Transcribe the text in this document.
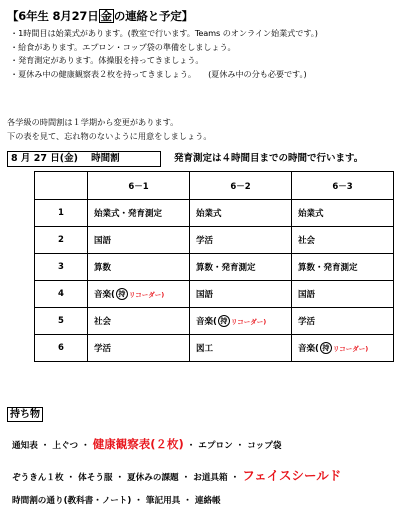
【6年生 8月27日 金 の連絡と予定】
・1時間目は始業式があります。(教室で行います。Teams のオンライン始業式です。)
・給食があります。エプロン・コップ袋の準備をしましょう。
・発育測定があります。体操服を持ってきましょう。
・夏休み中の健康観察表２枚を持ってきましょう。　　(夏休み中の分も必要です。)
各学級の時間割は１学期から変更があります。
下の表を見て、忘れ物のないように用意をしましょう。
8 月 27 日(金) 時間割	発育測定は４時間目までの時間で行います。
	6－1	6－2	6－3
1	始業式・発育測定	始業式	始業式
2	国語	学活	社会
3	算数	算数・発育測定	算数・発育測定
4	音楽( 持 リコーダー)	国語	国語
5	社会	音楽( 持 リコーダー)	学活
6	学活	図工	音楽( 持 リコーダー)
持ち物
通知表 ・ 上ぐつ ・ 健康観察表(２枚) ・ エプロン ・ コップ袋
ぞうきん１枚 ・ 体そう服 ・ 夏休みの課題 ・ お道具箱 ・ フェイスシールド
時間割の通り(教科書・ノート) ・ 筆記用具 ・ 連絡帳
